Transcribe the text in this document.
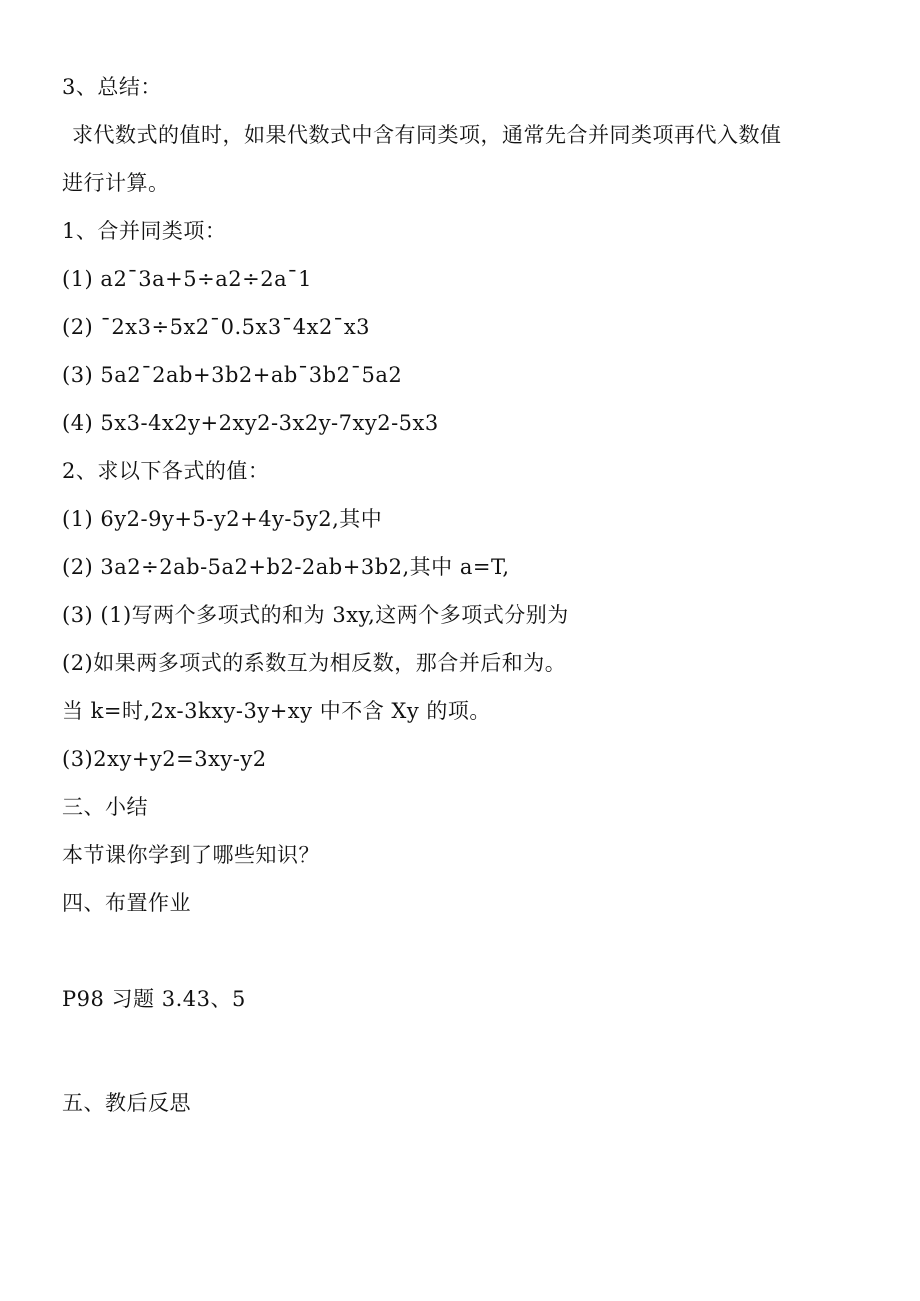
3、总结：
求代数式的值时，如果代数式中含有同类项，通常先合并同类项再代入数值
进行计算。
1、合并同类项：
(1) a2ˉ3a+5÷a2÷2aˉ1
(2) ˉ2x3÷5x2ˉ0.5x3ˉ4x2ˉx3
(3) 5a2ˉ2ab+3b2+abˉ3b2ˉ5a2
(4) 5x3-4x2y+2xy2-3x2y-7xy2-5x3
2、求以下各式的值：
(1) 6y2-9y+5-y2+4y-5y2,其中
(2) 3a2÷2ab-5a2+b2-2ab+3b2,其中 a=T,
(3) (1)写两个多项式的和为 3xy,这两个多项式分别为
(2)如果两多项式的系数互为相反数，那合并后和为。
当 k=时,2x-3kxy-3y+xy 中不含 Xy 的项。
(3)2xy+y2=3xy-y2
三、小结
本节课你学到了哪些知识？
四、布置作业
P98 习题 3.43、5
五、教后反思
